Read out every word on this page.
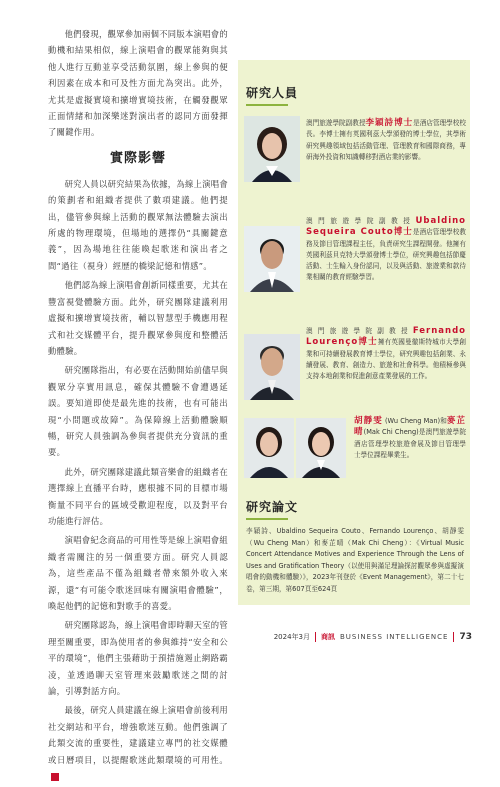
他們發現，觀眾參加兩個不同版本演唱會的動機和結果相似，線上演唱會的觀眾能夠與其他人進行互動並享受活動氛圍，線上參與的便利因素在成本和可及性方面尤為突出。此外，尤其是虛擬實境和擴增實境技術，在觸發觀眾正面情緒和加深樂迷對演出者的認同方面發揮了關鍵作用。

實際影響

研究人員以研究結果為依據，為線上演唱會的策劃者和組織者提供了數項建議。他們提出，儘管參與線上活動的觀眾無法體驗去演出所處的物理環境，但場地的選擇仍“具關鍵意義”，因為場地往往能喚起歌迷和演出者之間“過往（視身）經歷的橋梁記憶和情感”。

他們認為線上演唱會創新同樣重要，尤其在豐富視覺體驗方面。此外，研究團隊建議利用虛擬和擴增實境技術，輔以智慧型手機應用程式和社交媒體平台，提升觀眾參與度和整體活動體驗。

研究團隊指出，有必要在活動開始前儘早與觀眾分享實用訊息，確保其體驗不會遭遇延誤。要知道即使是最先進的技術，也有可能出現“小問題或故障”。為保障線上活動體驗順暢，研究人員強調為參與者提供充分資訊的重要。

此外，研究團隊建議此類音樂會的組織者在選擇線上直播平台時，應根據不同的目標市場衡量不同平台的區域受歡迎程度，以及對平台功能進行評估。

演唱會紀念商品的可用性等是線上演唱會組織者需關注的另一個重要方面。研究人員認為，這些產品不僅為組織者帶來額外收入來源，還“有可能令歌迷回味有關演唱會體驗”，喚起他們的記憶和對歌手的喜愛。

研究團隊認為，線上演唱會即時聊天室的管理至關重要，即為使用者的參與維持“安全和公平的環境”，他們主張藉助于預措施遏止網路霸凌，並透過聊天室管理來鼓勵歌迷之間的討論，引導對話方向。

最後，研究人員建議在線上演唱會前後利用社交網站和平台，增強歌迷互動。他們強調了此類交流的重要性，建議建立專門的社交媒體或日曆項目，以提醒歌迷此類環境的可用性。BI

研究人員
澳門旅遊學院副教授李穎詩博士是酒店管理學校校長。李博士擁有英國利茲大學頒發的博士學位，其學術研究興趣領域包括活動管理、管理教育和國際商務，專研海外投資和知識轉移對酒店業的影響。
澳門旅遊學院副教授Ubaldino Sequeira Couto博士是酒店管理學校教務及節目管理課程主任，負責研究生課程開發。他擁有英國利茲貝克特大學頒發博士學位，研究興趣包括節慶活動、士生輪入身份認同，以及與活動、旅遊業和款待業相關的教育經驗學習。
澳門旅遊學院副教授Fernando Lourenço博士擁有英國曼徹斯特城市大學創業和可持續發展教育博士學位，研究興趣包括創業、永續發展、教育、創造力、旅遊和社會科學。他積極參與支持本地創業和促進創意產業發展的工作。
胡靜雯 (Wu Cheng Man)和麥芷晴(Mak Chi Cheng)是澳門旅遊學院酒店管理學校旅遊會展及節目管理學士學位課程畢業生。
研究論文
李穎詩、Ubaldino Sequeira Couto、Fernando Lourenço、胡靜雯（Wu Cheng Man）和麥芷晴（Mak Chi Cheng）：《Virtual Music Concert Attendance Motives and Experience Through the Lens of Uses and Gratification Theory（以使用與滿足理論探討觀眾參與虛擬演唱會的動機和體驗）》，2023年刊登於《Event Management》，第二十七卷，第三期，第607頁至624頁
2024年3月 商訊 BUSINESS INTELLIGENCE 73
